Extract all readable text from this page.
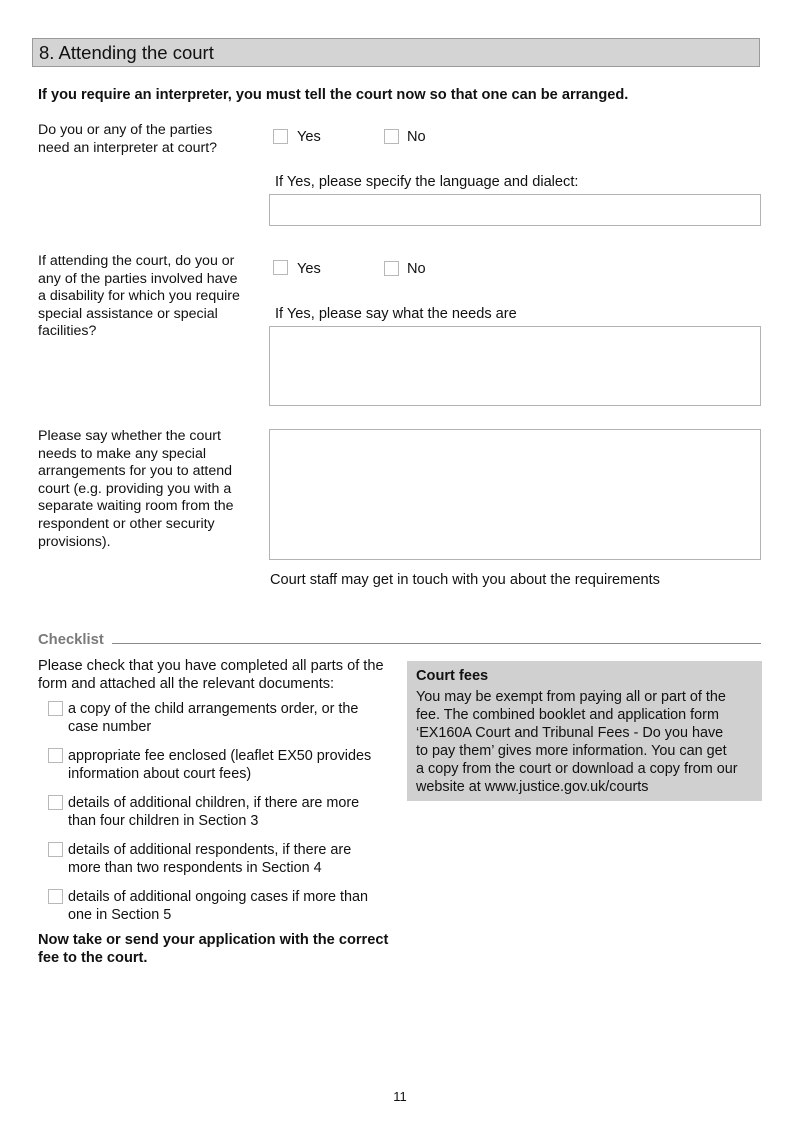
8. Attending the court
If you require an interpreter, you must tell the court now so that one can be arranged.
Do you or any of the parties
need an interpreter at court?
Yes	No
If Yes, please specify the language and dialect:
If attending the court, do you or
any of the parties involved have
a disability for which you require
special assistance or special
facilities?
Yes	No
If Yes, please say what the needs are
Please say whether the court
needs to make any special
arrangements for you to attend
court (e.g. providing you with a
separate waiting room from the
respondent or other security
provisions).
Court staff may get in touch with you about the requirements
Checklist
Please check that you have completed all parts of the
form and attached all the relevant documents:
a copy of the child arrangements order, or the
case number
appropriate fee enclosed (leaflet EX50 provides
information about court fees)
details of additional children, if there are more
than four children in Section 3
details of additional respondents, if there are
more than two respondents in Section 4
details of additional ongoing cases if more than
one in Section 5
Now take or send your application with the correct
fee to the court.
Court fees
You may be exempt from paying all or part of the
fee. The combined booklet and application form
‘EX160A Court and Tribunal Fees - Do you have
to pay them’ gives more information. You can get
a copy from the court or download a copy from our
website at www.justice.gov.uk/courts
11
